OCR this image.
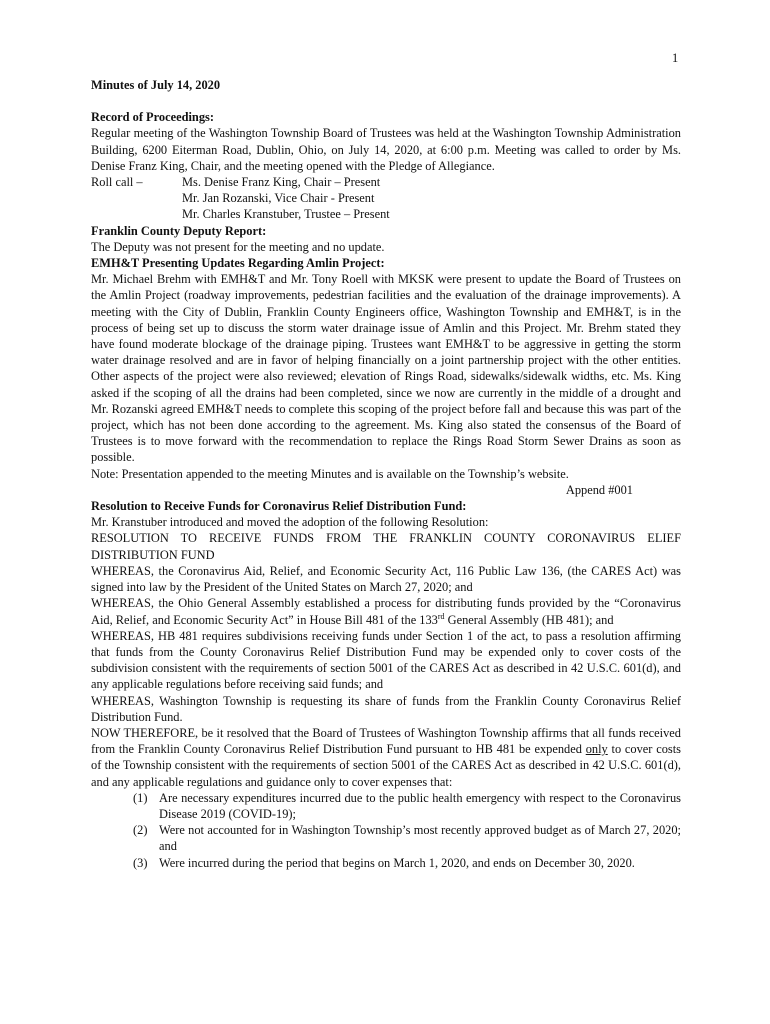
1

Minutes of July 14, 2020

Record of Proceedings:

Regular meeting of the Washington Township Board of Trustees was held at the Washington Township Administration Building, 6200 Eiterman Road, Dublin, Ohio, on July 14, 2020, at 6:00 p.m. Meeting was called to order by Ms. Denise Franz King, Chair, and the meeting opened with the Pledge of Allegiance.

Roll call –	Ms. Denise Franz King, Chair – Present

Mr. Jan Rozanski, Vice Chair - Present

Mr. Charles Kranstuber, Trustee – Present

Franklin County Deputy Report:

The Deputy was not present for the meeting and no update.

EMH&T Presenting Updates Regarding Amlin Project:

Mr. Michael Brehm with EMH&T and Mr. Tony Roell with MKSK were present to update the Board of Trustees on the Amlin Project (roadway improvements, pedestrian facilities and the evaluation of the drainage improvements). A meeting with the City of Dublin, Franklin County Engineers office, Washington Township and EMH&T, is in the process of being set up to discuss the storm water drainage issue of Amlin and this Project. Mr. Brehm stated they have found moderate blockage of the drainage piping. Trustees want EMH&T to be aggressive in getting the storm water drainage resolved and are in favor of helping financially on a joint partnership project with the other entities. Other aspects of the project were also reviewed; elevation of Rings Road, sidewalks/sidewalk widths, etc. Ms. King asked if the scoping of all the drains had been completed, since we now are currently in the middle of a drought and Mr. Rozanski agreed EMH&T needs to complete this scoping of the project before fall and because this was part of the project, which has not been done according to the agreement. Ms. King also stated the consensus of the Board of Trustees is to move forward with the recommendation to replace the Rings Road Storm Sewer Drains as soon as possible.

Note: Presentation appended to the meeting Minutes and is available on the Township’s website.

Append #001

Resolution to Receive Funds for Coronavirus Relief Distribution Fund:

Mr. Kranstuber introduced and moved the adoption of the following Resolution:

RESOLUTION TO RECEIVE FUNDS FROM THE FRANKLIN COUNTY CORONAVIRUS ELIEF DISTRIBUTION FUND

WHEREAS, the Coronavirus Aid, Relief, and Economic Security Act, 116 Public Law 136, (the CARES Act) was signed into law by the President of the United States on March 27, 2020; and

WHEREAS, the Ohio General Assembly established a process for distributing funds provided by the “Coronavirus Aid, Relief, and Economic Security Act” in House Bill 481 of the 133rd General Assembly (HB 481); and

WHEREAS, HB 481 requires subdivisions receiving funds under Section 1 of the act, to pass a resolution affirming that funds from the County Coronavirus Relief Distribution Fund may be expended only to cover costs of the subdivision consistent with the requirements of section 5001 of the CARES Act as described in 42 U.S.C. 601(d), and any applicable regulations before receiving said funds; and

WHEREAS, Washington Township is requesting its share of funds from the Franklin County Coronavirus Relief Distribution Fund.

NOW THEREFORE, be it resolved that the Board of Trustees of Washington Township affirms that all funds received from the Franklin County Coronavirus Relief Distribution Fund pursuant to HB 481 be expended only to cover costs of the Township consistent with the requirements of section 5001 of the CARES Act as described in 42 U.S.C. 601(d), and any applicable regulations and guidance only to cover expenses that:

(1) Are necessary expenditures incurred due to the public health emergency with respect to the Coronavirus Disease 2019 (COVID-19);
(2) Were not accounted for in Washington Township’s most recently approved budget as of March 27, 2020; and
(3) Were incurred during the period that begins on March 1, 2020, and ends on December 30, 2020.
